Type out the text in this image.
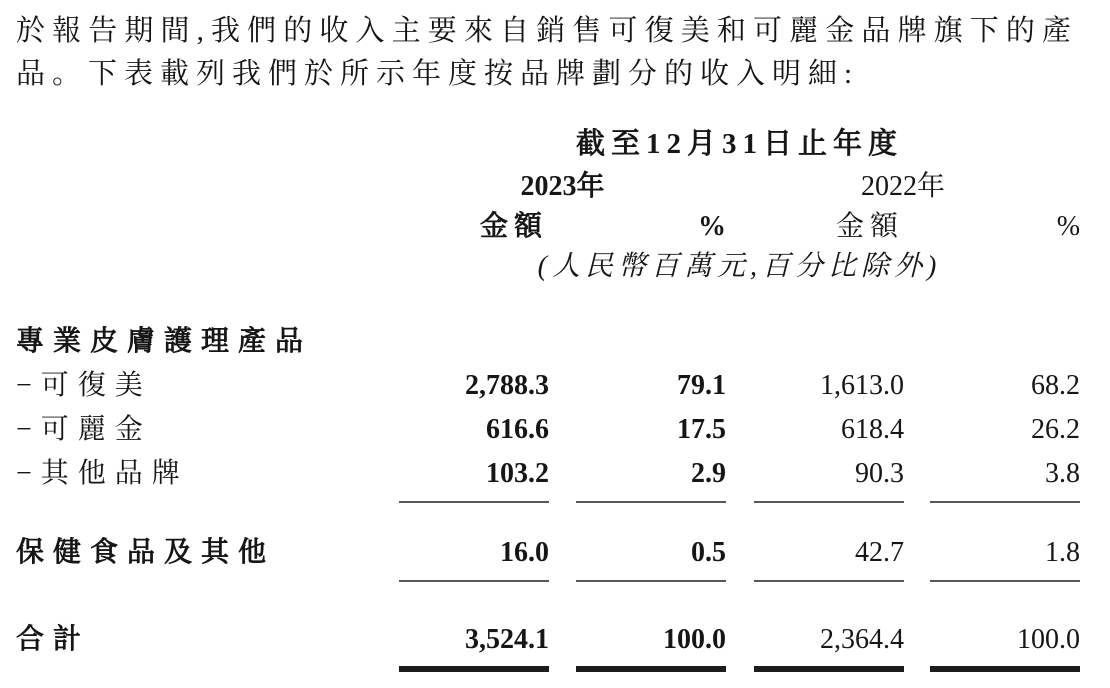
於報告期間,我們的收入主要來自銷售可復美和可麗金品牌旗下的產品。下表載列我們於所示年度按品牌劃分的收入明細:

	截至12月31日止年度			
	2023年		2022年	
	金額	%	金額	%
	(人民幣百萬元,百分比除外)			

專業皮膚護理產品				
−可復美	2,788.3	79.1	1,613.0	68.2

−可麗金	616.6	17.5	618.4	26.2

−其他品牌	103.2	2.9	90.3	3.8

保健食品及其他	16.0	0.5	42.7	1.8

合計	3,524.1	100.0	2,364.4	100.0
